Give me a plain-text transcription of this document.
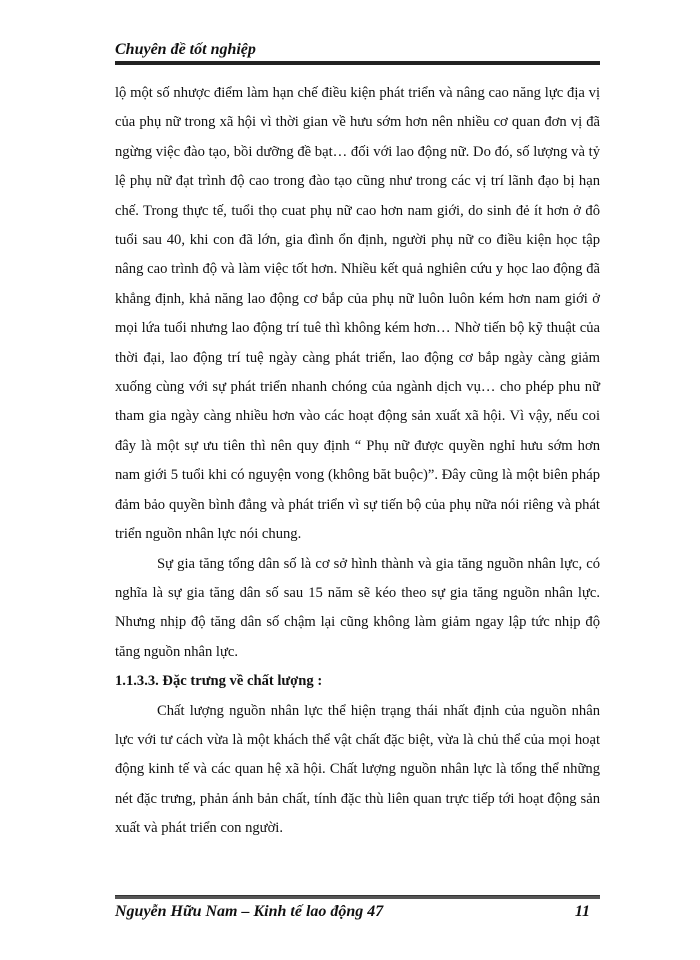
Chuyên đề tốt nghiệp

lộ một số nhược điểm làm hạn chế điều kiện phát triển và nâng cao năng lực địa vị của phụ nữ trong xã hội vì thời gian về hưu sớm hơn nên nhiều cơ quan đơn vị đã ngừng việc đào tạo, bồi dưỡng đề bạt… đối với lao động nữ. Do đó, số lượng và tỷ lệ phụ nữ đạt trình độ cao trong đào tạo cũng như trong các vị trí lãnh đạo bị hạn chế. Trong thực tế, tuổi thọ cuat phụ nữ cao hơn nam giới, do sinh đẻ ít hơn ở đô tuổi sau 40, khi con đã lớn, gia đình ổn định, người phụ nữ co điều kiện học tập nâng cao trình độ và làm việc tốt hơn. Nhiều kết quả nghiên cứu y học lao động đã khẳng định, khả năng lao động cơ bắp của phụ nữ luôn luôn kém hơn nam giới ở mọi lứa tuổi nhưng lao động trí tuê thì không kém hơn… Nhờ tiến bộ kỹ thuật của thời đại, lao động trí tuệ ngày càng phát triển, lao động cơ bắp ngày càng giảm xuống cùng với sự phát triển nhanh chóng của ngành dịch vụ… cho phép phu nữ tham gia ngày càng nhiều hơn vào các hoạt động sản xuất xã hội. Vì vậy, nếu coi đây là một sự ưu tiên thì nên quy định “ Phụ nữ được quyền nghỉ hưu sớm hơn nam giới 5 tuổi khi có nguyện vong (không băt buộc)”. Đây cũng là một biên pháp đảm bảo quyền bình đẳng và phát triển vì sự tiến bộ của phụ nữa nói riêng và phát triển nguồn nhân lực nói chung.

Sự gia tăng tổng dân số là cơ sở hình thành và gia tăng nguồn nhân lực, có nghĩa là sự gia tăng dân số sau 15 năm sẽ kéo theo sự gia tăng nguồn nhân lực. Nhưng nhịp độ tăng dân số chậm lại cũng không làm giảm ngay lập tức nhịp độ tăng nguồn nhân lực.

1.1.3.3. Đặc trưng về chất lượng :

Chất lượng nguồn nhân lực thể hiện trạng thái nhất định của nguồn nhân lực với tư cách vừa là một khách thể vật chất đặc biệt, vừa là chủ thể của mọi hoạt động kinh tế và các quan hệ xã hội. Chất lượng nguồn nhân lực là tổng thể những nét đặc trưng, phản ánh bản chất, tính đặc thù liên quan trực tiếp tới hoạt động sản xuất và phát triển con người.

Nguyễn Hữu Nam – Kinh tế lao động 47	11
